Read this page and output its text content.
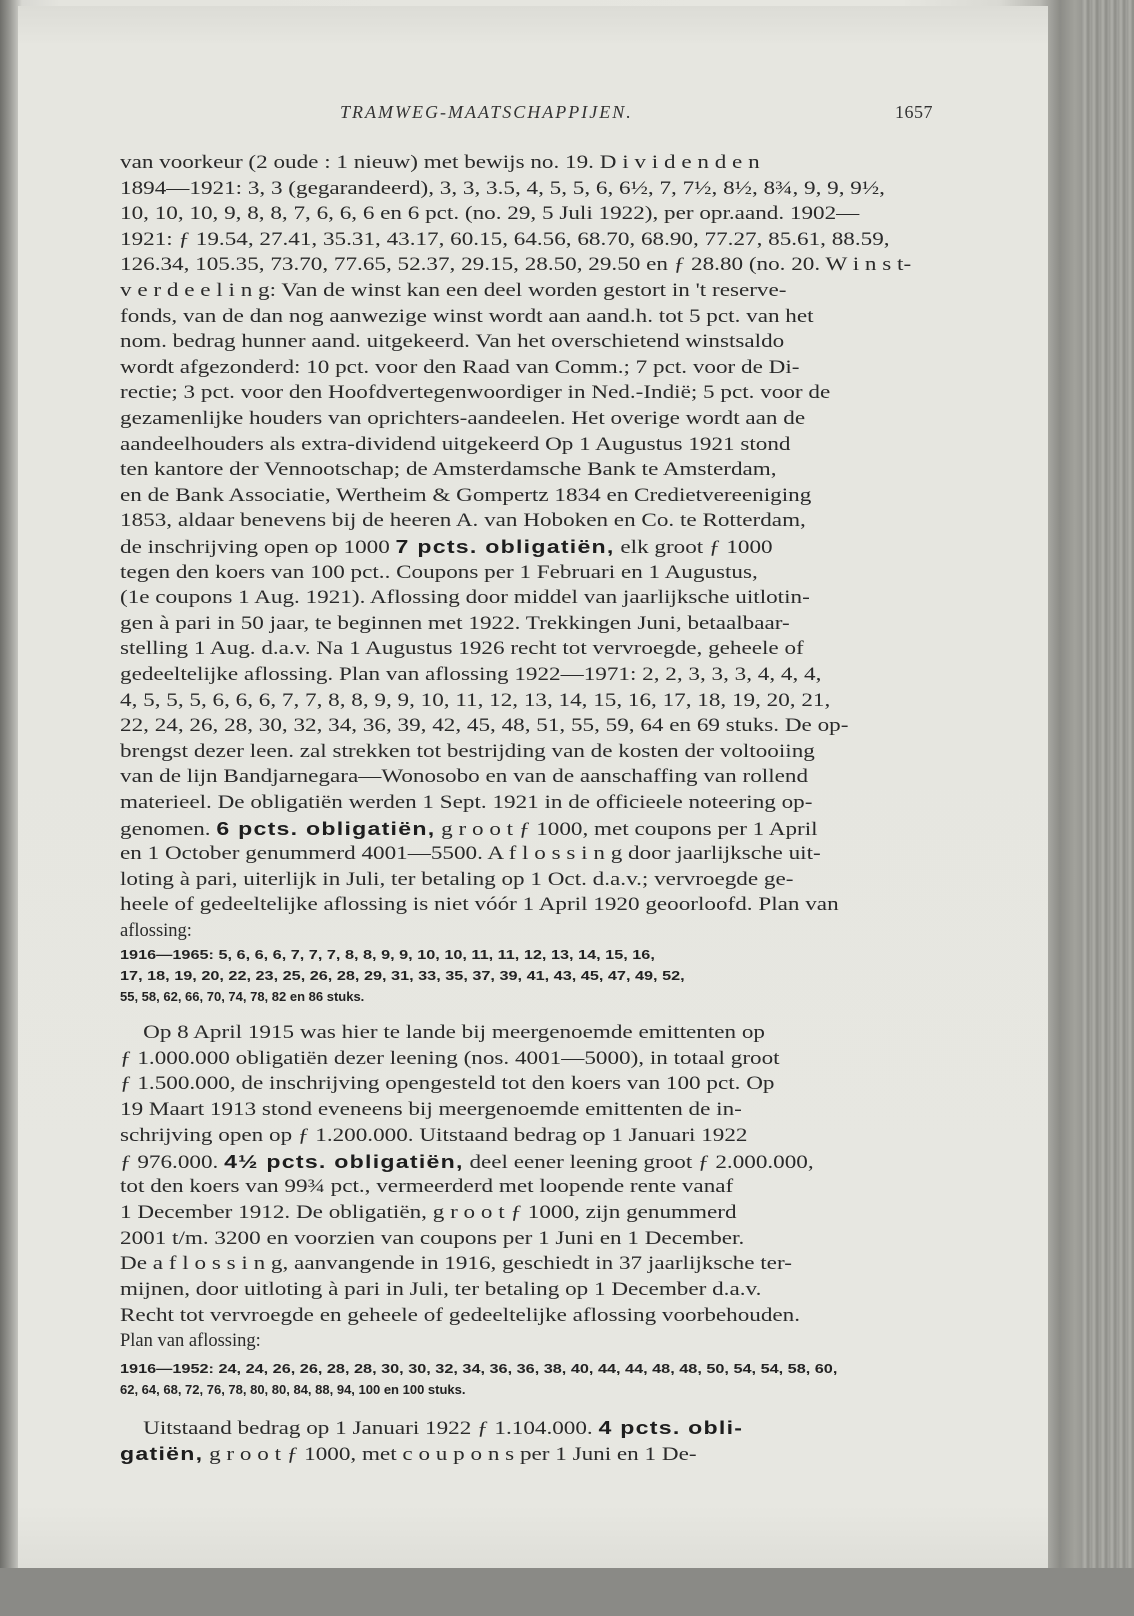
TRAMWEG-MAATSCHAPPIJEN.	1657
van voorkeur (2 oude : 1 nieuw) met bewijs no. 19. D i v i d e n d e n
1894—1921: 3, 3 (gegarandeerd), 3, 3, 3.5, 4, 5, 5, 6, 6½, 7, 7½, 8½, 8¾, 9, 9, 9½,
10, 10, 10, 9, 8, 8, 7, 6, 6, 6 en 6 pct. (no. 29, 5 Juli 1922), per opr.aand. 1902—
1921: ƒ 19.54, 27.41, 35.31, 43.17, 60.15, 64.56, 68.70, 68.90, 77.27, 85.61, 88.59,
126.34, 105.35, 73.70, 77.65, 52.37, 29.15, 28.50, 29.50 en ƒ 28.80 (no. 20. W i n s t-
v e r d e e l i n g: Van de winst kan een deel worden gestort in 't reserve-
fonds, van de dan nog aanwezige winst wordt aan aand.h. tot 5 pct. van het
nom. bedrag hunner aand. uitgekeerd. Van het overschietend winstsaldo
wordt afgezonderd: 10 pct. voor den Raad van Comm.; 7 pct. voor de Di-
rectie; 3 pct. voor den Hoofdvertegenwoordiger in Ned.-Indië; 5 pct. voor de
gezamenlijke houders van oprichters-aandeelen. Het overige wordt aan de
aandeelhouders als extra-dividend uitgekeerd Op 1 Augustus 1921 stond
ten kantore der Vennootschap; de Amsterdamsche Bank te Amsterdam,
en de Bank Associatie, Wertheim & Gompertz 1834 en Credietvereeniging
1853, aldaar benevens bij de heeren A. van Hoboken en Co. te Rotterdam,
de inschrijving open op 1000 7 pcts. obligatiën, elk groot ƒ 1000
tegen den koers van 100 pct.. Coupons per 1 Februari en 1 Augustus,
(1e coupons 1 Aug. 1921). Aflossing door middel van jaarlijksche uitlotin-
gen à pari in 50 jaar, te beginnen met 1922. Trekkingen Juni, betaalbaar-
stelling 1 Aug. d.a.v. Na 1 Augustus 1926 recht tot vervroegde, geheele of
gedeeltelijke aflossing. Plan van aflossing 1922—1971: 2, 2, 3, 3, 3, 4, 4, 4,
4, 5, 5, 5, 6, 6, 6, 7, 7, 8, 8, 9, 9, 10, 11, 12, 13, 14, 15, 16, 17, 18, 19, 20, 21,
22, 24, 26, 28, 30, 32, 34, 36, 39, 42, 45, 48, 51, 55, 59, 64 en 69 stuks. De op-
brengst dezer leen. zal strekken tot bestrijding van de kosten der voltooiing
van de lijn Bandjarnegara—Wonosobo en van de aanschaffing van rollend
materieel. De obligatiën werden 1 Sept. 1921 in de officieele noteering op-
genomen. 6 pcts. obligatiën, g r o o t ƒ 1000, met coupons per 1 April
en 1 October genummerd 4001—5500. A f l o s s i n g door jaarlijksche uit-
loting à pari, uiterlijk in Juli, ter betaling op 1 Oct. d.a.v.; vervroegde ge-
heele of gedeeltelijke aflossing is niet vóór 1 April 1920 geoorloofd. Plan van
aflossing:
1916—1965: 5, 6, 6, 6, 7, 7, 7, 8, 8, 9, 9, 10, 10, 11, 11, 12, 13, 14, 15, 16,
17, 18, 19, 20, 22, 23, 25, 26, 28, 29, 31, 33, 35, 37, 39, 41, 43, 45, 47, 49, 52,
55, 58, 62, 66, 70, 74, 78, 82 en 86 stuks.
Op 8 April 1915 was hier te lande bij meergenoemde emittenten op
ƒ 1.000.000 obligatiën dezer leening (nos. 4001—5000), in totaal groot
ƒ 1.500.000, de inschrijving opengesteld tot den koers van 100 pct. Op
19 Maart 1913 stond eveneens bij meergenoemde emittenten de in-
schrijving open op ƒ 1.200.000. Uitstaand bedrag op 1 Januari 1922
ƒ 976.000. 4½ pcts. obligatiën, deel eener leening groot ƒ 2.000.000,
tot den koers van 99¾ pct., vermeerderd met loopende rente vanaf
1 December 1912. De obligatiën, g r o o t ƒ 1000, zijn genummerd
2001 t/m. 3200 en voorzien van coupons per 1 Juni en 1 December.
De a f l o s s i n g, aanvangende in 1916, geschiedt in 37 jaarlijksche ter-
mijnen, door uitloting à pari in Juli, ter betaling op 1 December d.a.v.
Recht tot vervroegde en geheele of gedeeltelijke aflossing voorbehouden.
Plan van aflossing:
1916—1952: 24, 24, 26, 26, 28, 28, 30, 30, 32, 34, 36, 36, 38, 40, 44, 44, 48, 48, 50, 54, 54, 58, 60,
62, 64, 68, 72, 76, 78, 80, 80, 84, 88, 94, 100 en 100 stuks.
Uitstaand bedrag op 1 Januari 1922 ƒ 1.104.000. 4 pcts. obli-
gatiën, g r o o t ƒ 1000, met c o u p o n s per 1 Juni en 1 De-
